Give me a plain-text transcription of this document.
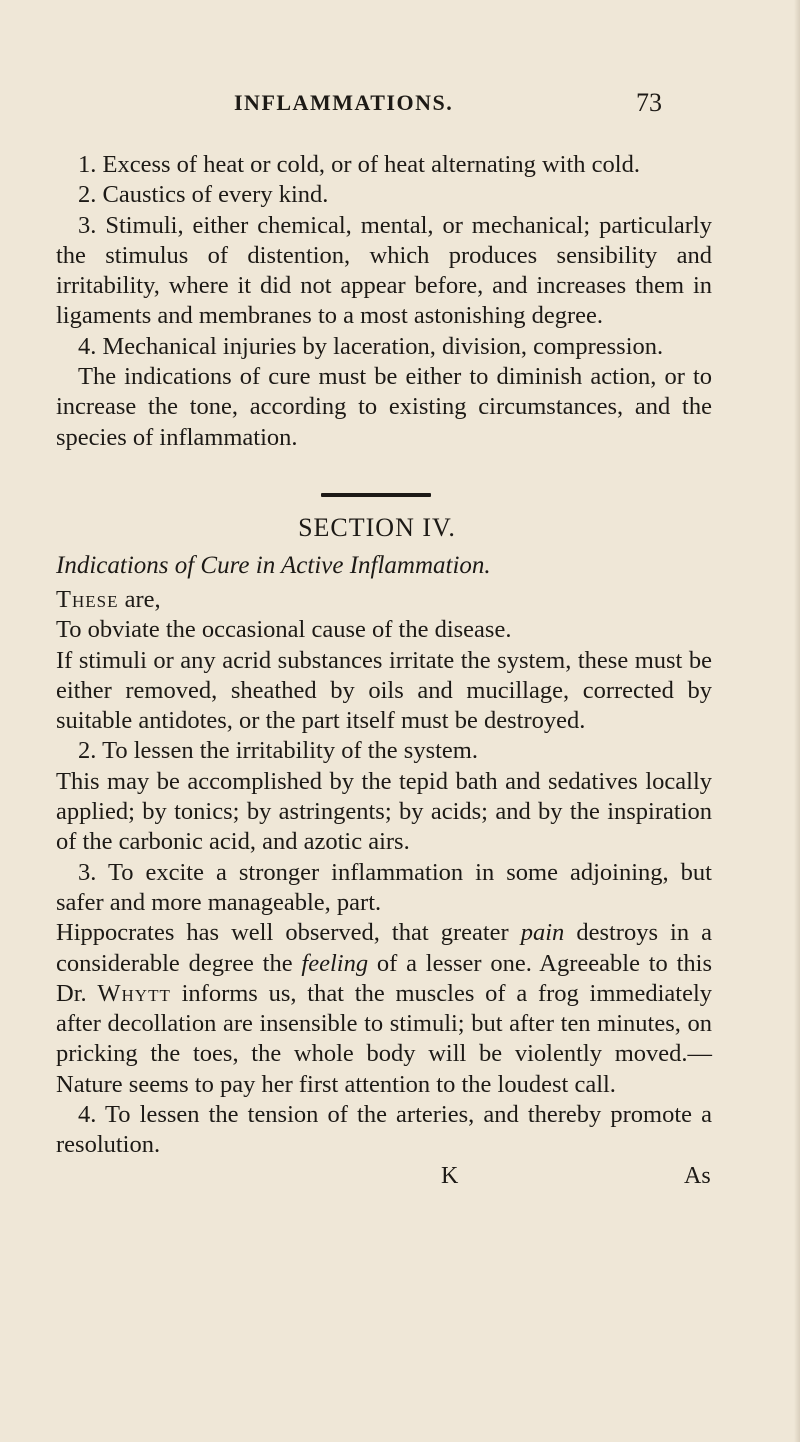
INFLAMMATIONS.	73

1. Excess of heat or cold, or of heat alternating with cold.

2. Caustics of every kind.

3. Stimuli, either chemical, mental, or mechanical; particularly the stimulus of distention, which produces sensibility and irritability, where it did not appear before, and increases them in ligaments and membranes to a most astonishing degree.

4. Mechanical injuries by laceration, division, compression.

The indications of cure must be either to diminish action, or to increase the tone, according to existing circumstances, and the species of inflammation.

SECTION IV.

Indications of Cure in Active Inflammation.

These are,

To obviate the occasional cause of the disease.

If stimuli or any acrid substances irritate the system, these must be either removed, sheathed by oils and mucillage, corrected by suitable antidotes, or the part itself must be destroyed.

2. To lessen the irritability of the system.

This may be accomplished by the tepid bath and sedatives locally applied; by tonics; by astringents; by acids; and by the inspiration of the carbonic acid, and azotic airs.

3. To excite a stronger inflammation in some adjoining, but safer and more manageable, part.

Hippocrates has well observed, that greater pain destroys in a considerable degree the feeling of a lesser one. Agreeable to this Dr. Whytt informs us, that the muscles of a frog immediately after decollation are insensible to stimuli; but after ten minutes, on pricking the toes, the whole body will be violently moved.—Nature seems to pay her first attention to the loudest call.

4. To lessen the tension of the arteries, and thereby promote a resolution.

K	As
